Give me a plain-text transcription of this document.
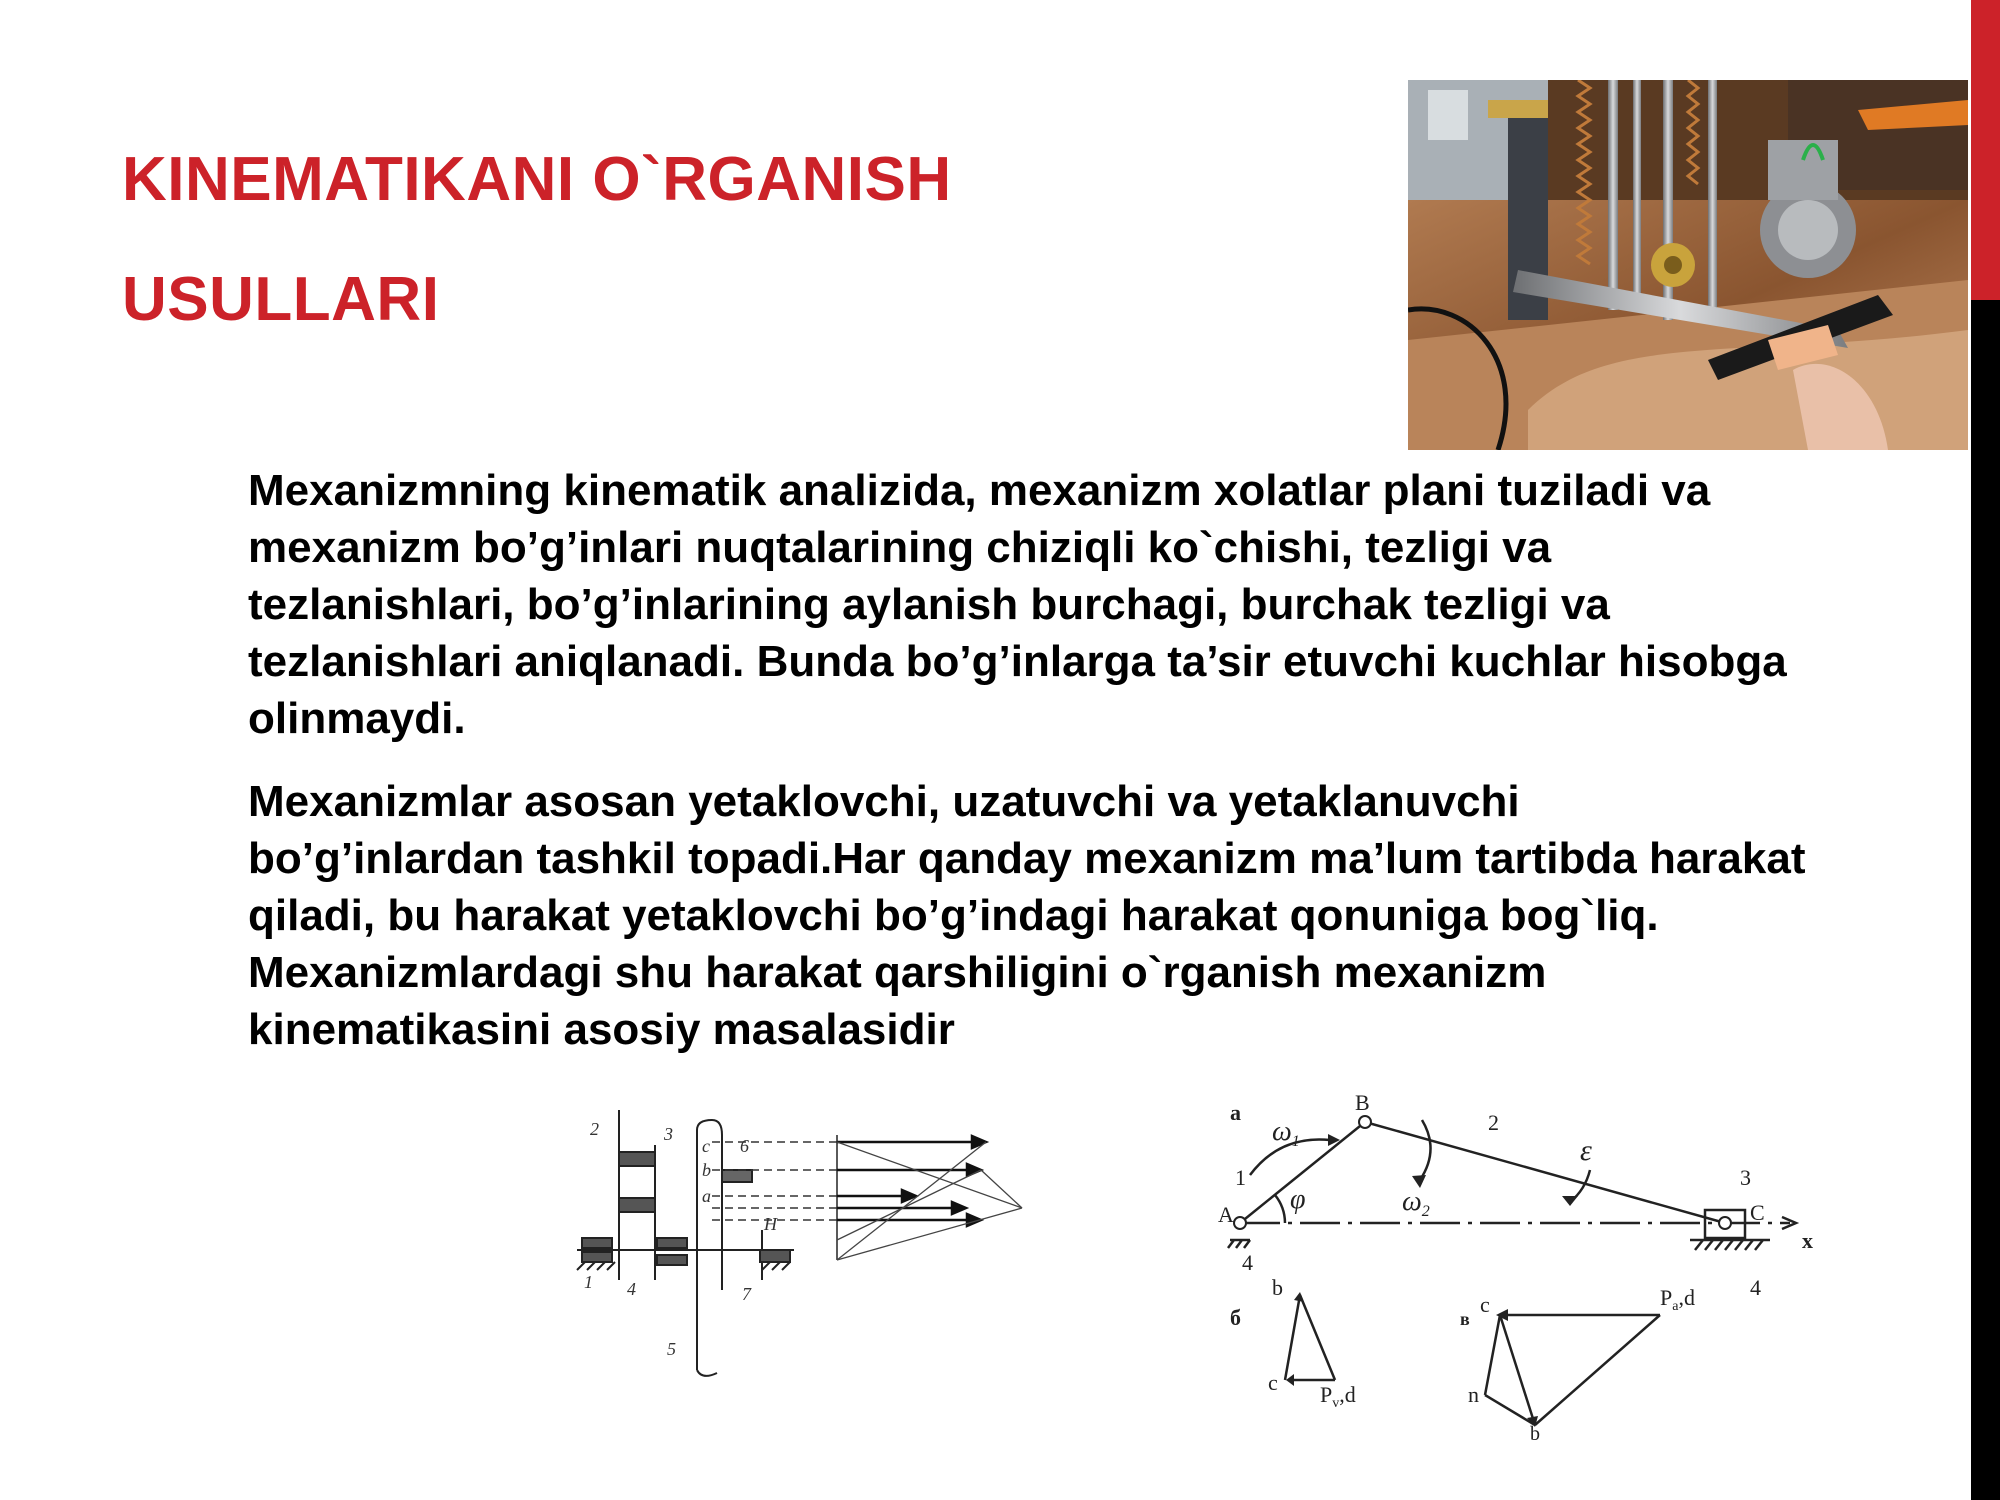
KINEMATIKANI O`RGANISH
USULLARI

Mexanizmning kinematik analizida, mexanizm xolatlar plani tuziladi va mexanizm bo’g’inlari nuqtalarining chiziqli ko`chishi, tezligi va tezlanishlari, bo’g’inlarining aylanish burchagi, burchak tezligi va tezlanishlari aniqlanadi. Bunda bo’g’inlarga ta’sir etuvchi kuchlar hisobga olinmaydi.

Mexanizmlar asosan yetaklovchi, uzatuvchi va yetaklanuvchi bo’g’inlardan tashkil topadi.Har qanday mexanizm ma’lum tartibda harakat qiladi, bu harakat yetaklovchi bo’g’indagi harakat qonuniga bog`liq. Mexanizmlardagi shu harakat qarshiligini o`rganish mexanizm kinematikasini asosiy masalasidir

2	3
c 6
b
a
H
1 4	7
5
a
б	в
A
B
C
x
1
2
3
4
4
$\omega_1$
$\omega_2$
φ
ε
b
c $P_v,d$
c	$P_a,d$
n
b
